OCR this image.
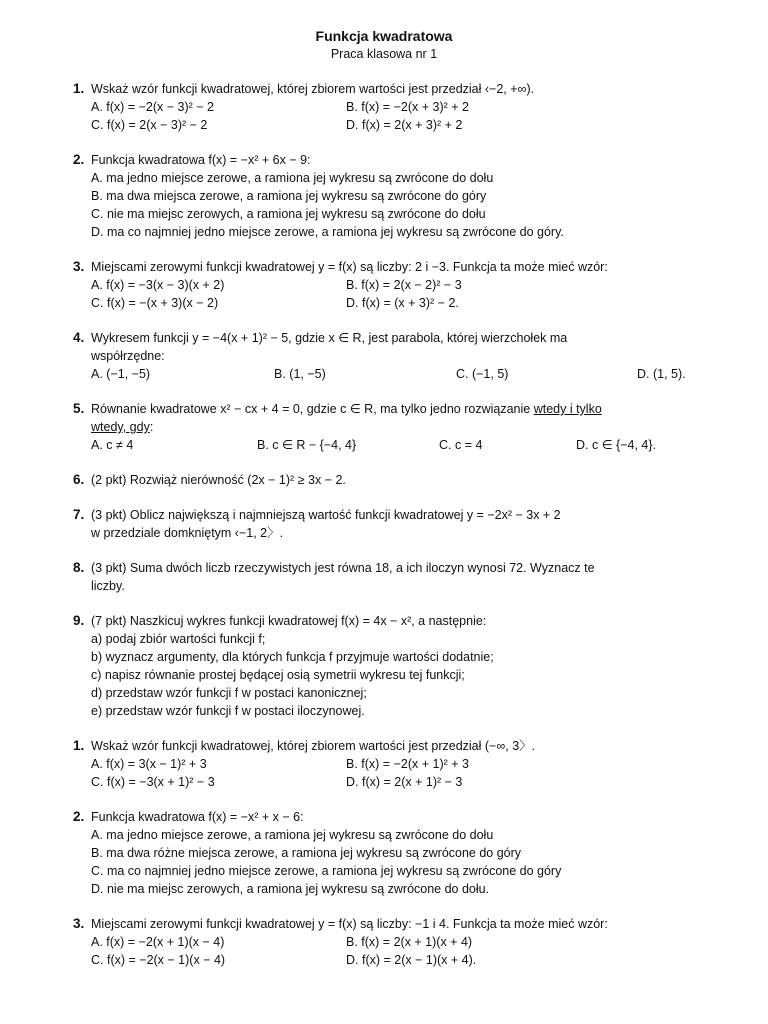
Funkcja kwadratowa
Praca klasowa nr 1
1 . Wskaż wzór funkcji kwadratowej, której zbiorem wartości jest przedział ‹−2, +∞).
A. f(x) = −2(x − 3)² − 2	B. f(x) = −2(x + 3)² + 2
C. f(x) = 2(x − 3)² − 2	D. f(x) = 2(x + 3)² + 2
2 . Funkcja kwadratowa f(x) = −x² + 6x − 9:
A. ma jedno miejsce zerowe, a ramiona jej wykresu są zwrócone do dołu
B. ma dwa miejsca zerowe, a ramiona jej wykresu są zwrócone do góry
C. nie ma miejsc zerowych, a ramiona jej wykresu są zwrócone do dołu
D. ma co najmniej jedno miejsce zerowe, a ramiona jej wykresu są zwrócone do góry.
3 . Miejscami zerowymi funkcji kwadratowej y = f(x) są liczby: 2 i −3. Funkcja ta może mieć wzór:
A. f(x) = −3(x − 3)(x + 2)	B. f(x) = 2(x − 2)² − 3
C. f(x) = −(x + 3)(x − 2)	D. f(x) = (x + 3)² − 2.
4 . Wykresem funkcji y = −4(x + 1)² − 5, gdzie x ∈ R, jest parabola, której wierzchołek ma
współrzędne:
A. (−1, −5)	B. (1, −5)	C. (−1, 5)	D. (1, 5).
5 . Równanie kwadratowe x² − cx + 4 = 0, gdzie c ∈ R, ma tylko jedno rozwiązanie wtedy i tylko
wtedy, gdy:
A. c ≠ 4	B. c ∈ R − {−4, 4}	C. c = 4	D. c ∈ {−4, 4}.
6 . (2 pkt) Rozwiąż nierówność (2x − 1)² ≥ 3x − 2.
7 . (3 pkt) Oblicz największą i najmniejszą wartość funkcji kwadratowej y = −2x² − 3x + 2
w przedziale domkniętym ‹−1, 2〉.
8 . (3 pkt) Suma dwóch liczb rzeczywistych jest równa 18, a ich iloczyn wynosi 72. Wyznacz te
liczby.
9 . (7 pkt) Naszkicuj wykres funkcji kwadratowej f(x) = 4x − x², a następnie:
a) podaj zbiór wartości funkcji f;
b) wyznacz argumenty, dla których funkcja f przyjmuje wartości dodatnie;
c) napisz równanie prostej będącej osią symetrii wykresu tej funkcji;
d) przedstaw wzór funkcji f w postaci kanonicznej;
e) przedstaw wzór funkcji f w postaci iloczynowej.
1 . Wskaż wzór funkcji kwadratowej, której zbiorem wartości jest przedział (−∞, 3〉.
A. f(x) = 3(x − 1)² + 3	B. f(x) = −2(x + 1)² + 3
C. f(x) = −3(x + 1)² − 3	D. f(x) = 2(x + 1)² − 3
2 . Funkcja kwadratowa f(x) = −x² + x − 6:
A. ma jedno miejsce zerowe, a ramiona jej wykresu są zwrócone do dołu
B. ma dwa różne miejsca zerowe, a ramiona jej wykresu są zwrócone do góry
C. ma co najmniej jedno miejsce zerowe, a ramiona jej wykresu są zwrócone do góry
D. nie ma miejsc zerowych, a ramiona jej wykresu są zwrócone do dołu.
3 . Miejscami zerowymi funkcji kwadratowej y = f(x) są liczby: −1 i 4. Funkcja ta może mieć wzór:
A. f(x) = −2(x + 1)(x − 4)	B. f(x) = 2(x + 1)(x + 4)
C. f(x) = −2(x − 1)(x − 4)	D. f(x) = 2(x − 1)(x + 4).
